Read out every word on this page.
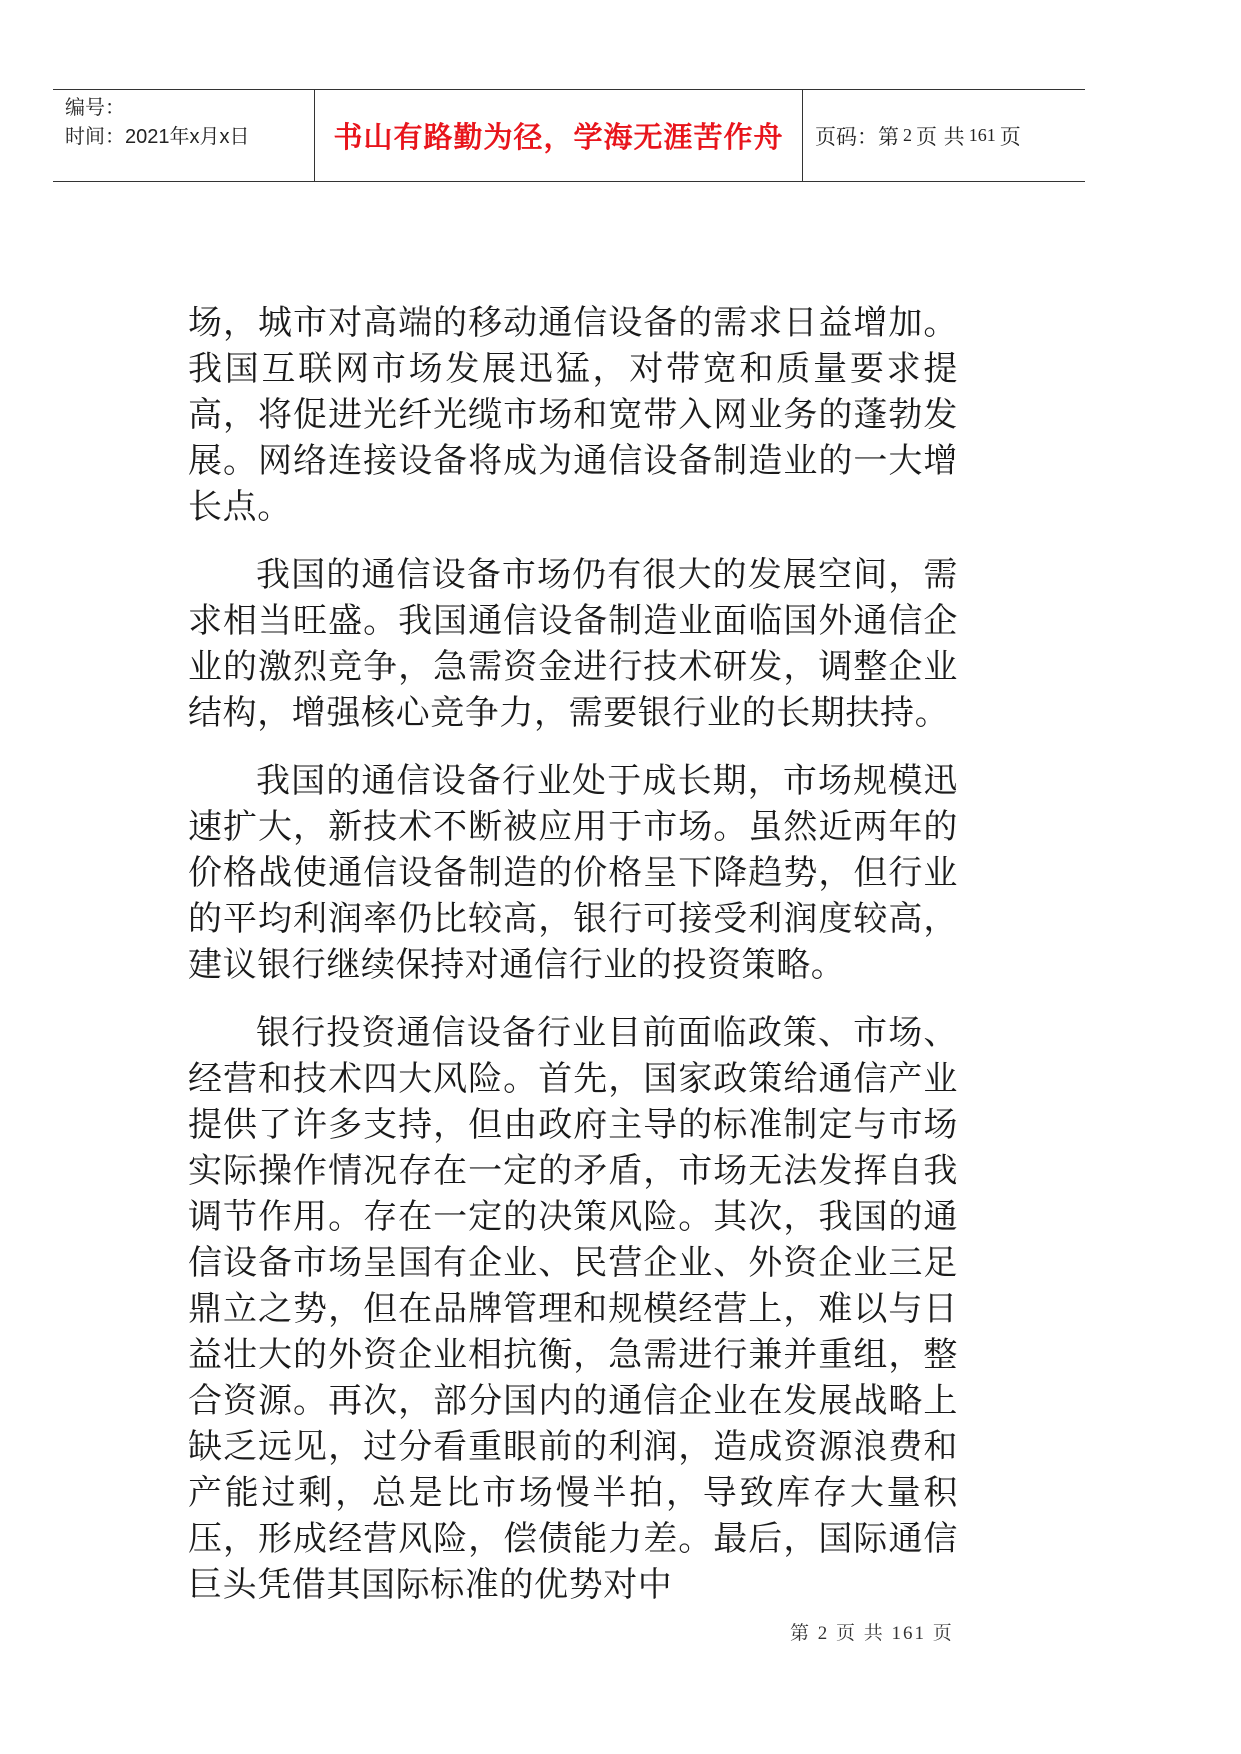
编号：
时间：2021年x月x日	书山有路勤为径，学海无涯苦作舟	页码：第 2 页 共 161 页

场，城市对高端的移动通信设备的需求日益增加。我国互联网市场发展迅猛，对带宽和质量要求提高，将促进光纤光缆市场和宽带入网业务的蓬勃发展。网络连接设备将成为通信设备制造业的一大增长点。

我国的通信设备市场仍有很大的发展空间，需求相当旺盛。我国通信设备制造业面临国外通信企业的激烈竞争，急需资金进行技术研发，调整企业结构，增强核心竞争力，需要银行业的长期扶持。

我国的通信设备行业处于成长期，市场规模迅速扩大，新技术不断被应用于市场。虽然近两年的价格战使通信设备制造的价格呈下降趋势，但行业的平均利润率仍比较高，银行可接受利润度较高，建议银行继续保持对通信行业的投资策略。

银行投资通信设备行业目前面临政策、市场、经营和技术四大风险。首先，国家政策给通信产业提供了许多支持，但由政府主导的标准制定与市场实际操作情况存在一定的矛盾，市场无法发挥自我调节作用。存在一定的决策风险。其次，我国的通信设备市场呈国有企业、民营企业、外资企业三足鼎立之势，但在品牌管理和规模经营上，难以与日益壮大的外资企业相抗衡，急需进行兼并重组，整合资源。再次，部分国内的通信企业在发展战略上缺乏远见，过分看重眼前的利润，造成资源浪费和产能过剩，总是比市场慢半拍，导致库存大量积压，形成经营风险，偿债能力差。最后，国际通信巨头凭借其国际标准的优势对中

第 2 页 共 161 页
